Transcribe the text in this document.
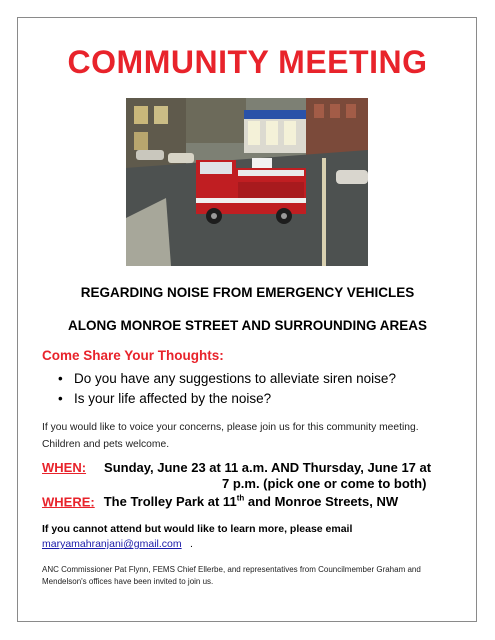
COMMUNITY MEETING
REGARDING NOISE FROM EMERGENCY VEHICLES
ALONG MONROE STREET AND SURROUNDING AREAS
Come Share Your Thoughts:
• Do you have any suggestions to alleviate siren noise?
• Is your life affected by the noise?
If you would like to voice your concerns, please join us for this community meeting.
Children and pets welcome.
WHEN: Sunday, June 23 at 11 a.m. AND Thursday, June 17 at
7 p.m. (pick one or come to both)
WHERE: The Trolley Park at 11th and Monroe Streets, NW
If you cannot attend but would like to learn more, please email
maryamahranjani@gmail.com .
ANC Commissioner Pat Flynn, FEMS Chief Ellerbe, and representatives from Councilmember Graham and
Mendelson's offices have been invited to join us.
